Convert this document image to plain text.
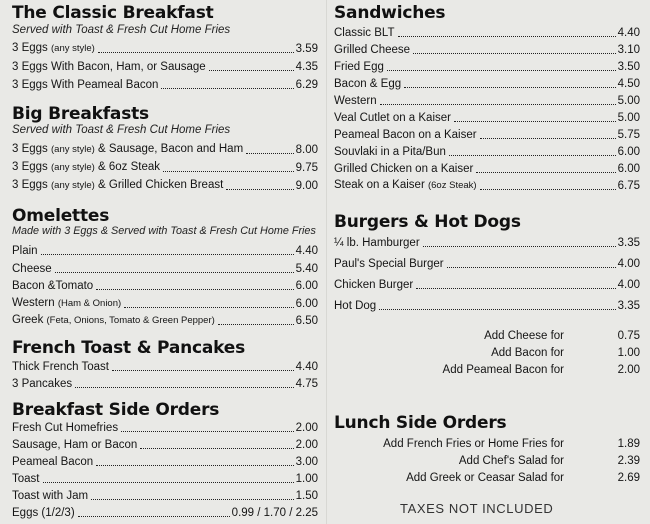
The Classic Breakfast
Served with Toast & Fresh Cut Home Fries
3 Eggs (any style)	3.59
3 Eggs With Bacon, Ham, or Sausage	4.35
3 Eggs With Peameal Bacon	6.29
Big Breakfasts
Served with Toast & Fresh Cut Home Fries
3 Eggs (any style) & Sausage, Bacon and Ham	8.00
3 Eggs (any style) & 6oz Steak	9.75
3 Eggs (any style) & Grilled Chicken Breast	9.00
Omelettes
Made with 3 Eggs & Served with Toast & Fresh Cut Home Fries
Plain	4.40
Cheese	5.40
Bacon &Tomato	6.00
Western (Ham & Onion)	6.00
Greek (Feta, Onions, Tomato & Green Pepper)	6.50
French Toast & Pancakes
Thick French Toast	4.40
3 Pancakes	4.75
Breakfast Side Orders
Fresh Cut Homefries	2.00
Sausage, Ham or Bacon	2.00
Peameal Bacon	3.00
Toast	1.00
Toast with Jam	1.50
Eggs (1/2/3)	0.99 / 1.70 / 2.25
Sandwiches
Classic BLT	4.40
Grilled Cheese	3.10
Fried Egg	3.50
Bacon & Egg	4.50
Western	5.00
Veal Cutlet on a Kaiser	5.00
Peameal Bacon on a Kaiser	5.75
Souvlaki in a Pita/Bun	6.00
Grilled Chicken on a Kaiser	6.00
Steak on a Kaiser (6oz Steak)	6.75
Burgers & Hot Dogs
¼ lb. Hamburger	3.35
Paul's Special Burger	4.00
Chicken Burger	4.00
Hot Dog	3.35
Add Cheese for	0.75
Add Bacon for	1.00
Add Peameal Bacon for	2.00
Lunch Side Orders
Add French Fries or Home Fries for	1.89
Add Chef's Salad for	2.39
Add Greek or Ceasar Salad for	2.69
TAXES NOT INCLUDED
